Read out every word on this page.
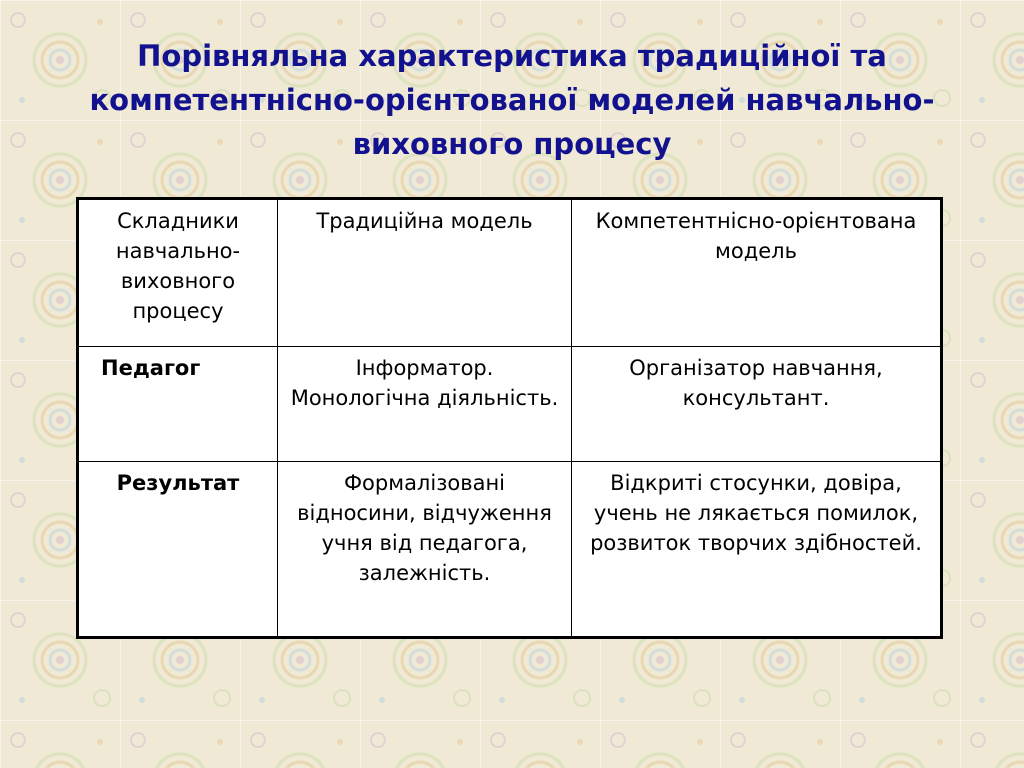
Порівняльна характеристика традиційної та
компетентнісно-орієнтованої моделей навчально-
виховного процесу
Складники навчально-виховного процесу	Традиційна модель	Компетентнісно-орієнтована модель
Педагог	Інформатор. Монологічна діяльність.	Організатор навчання, консультант.
Результат	Формалізовані відносини, відчуження учня від педагога, залежність.	Відкриті стосунки, довіра, учень не лякається помилок, розвиток творчих здібностей.
